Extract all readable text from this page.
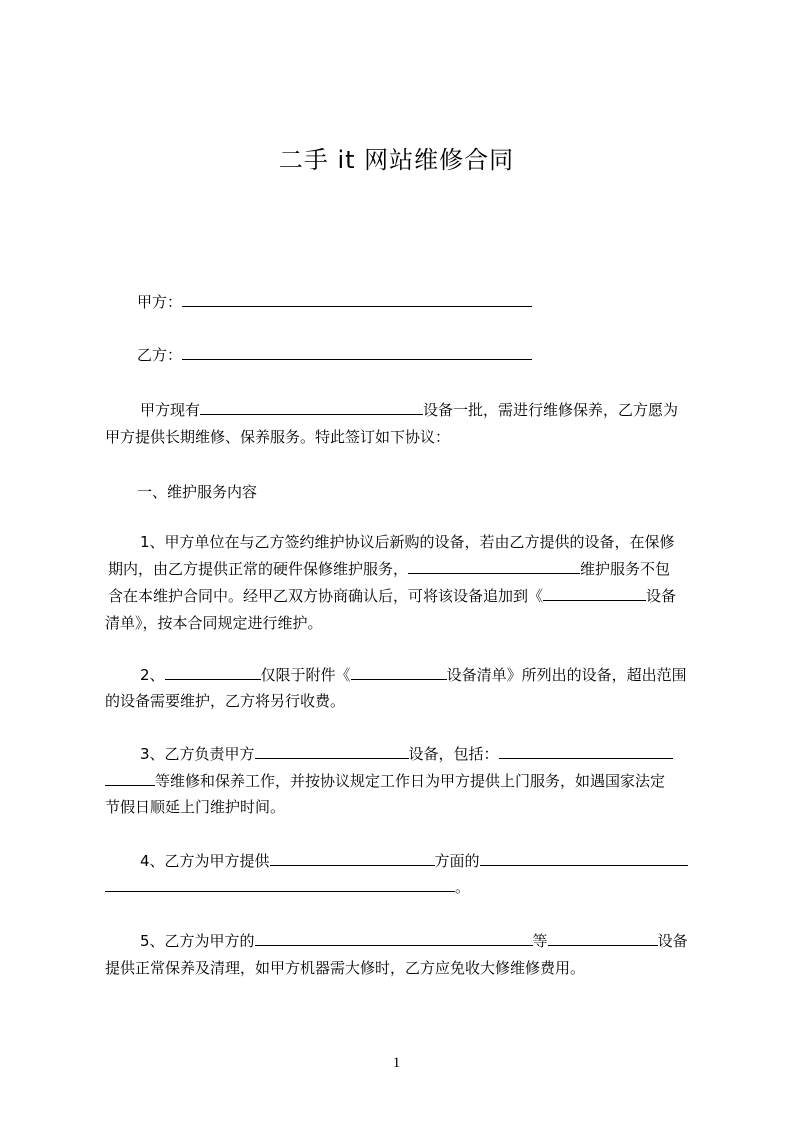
二手 it 网站维修合同
甲方：
乙方：
甲方现有	设备一批，需进行维修保养，乙方愿为
甲方提供长期维修、保养服务。特此签订如下协议：
一、维护服务内容
1、甲方单位在与乙方签约维护协议后新购的设备，若由乙方提供的设备，在保修
期内，由乙方提供正常的硬件保修维护服务，	维护服务不包
含在本维护合同中。经甲乙双方协商确认后，可将该设备追加到《	设备
清单》，按本合同规定进行维护。
2、	仅限于附件《	设备清单》所列出的设备，超出范围
的设备需要维护，乙方将另行收费。
3、乙方负责甲方	设备，包括：
等维修和保养工作，并按协议规定工作日为甲方提供上门服务，如遇国家法定
节假日顺延上门维护时间。
4、乙方为甲方提供	方面的
。
5、乙方为甲方的	等	设备
提供正常保养及清理，如甲方机器需大修时，乙方应免收大修维修费用。
1
